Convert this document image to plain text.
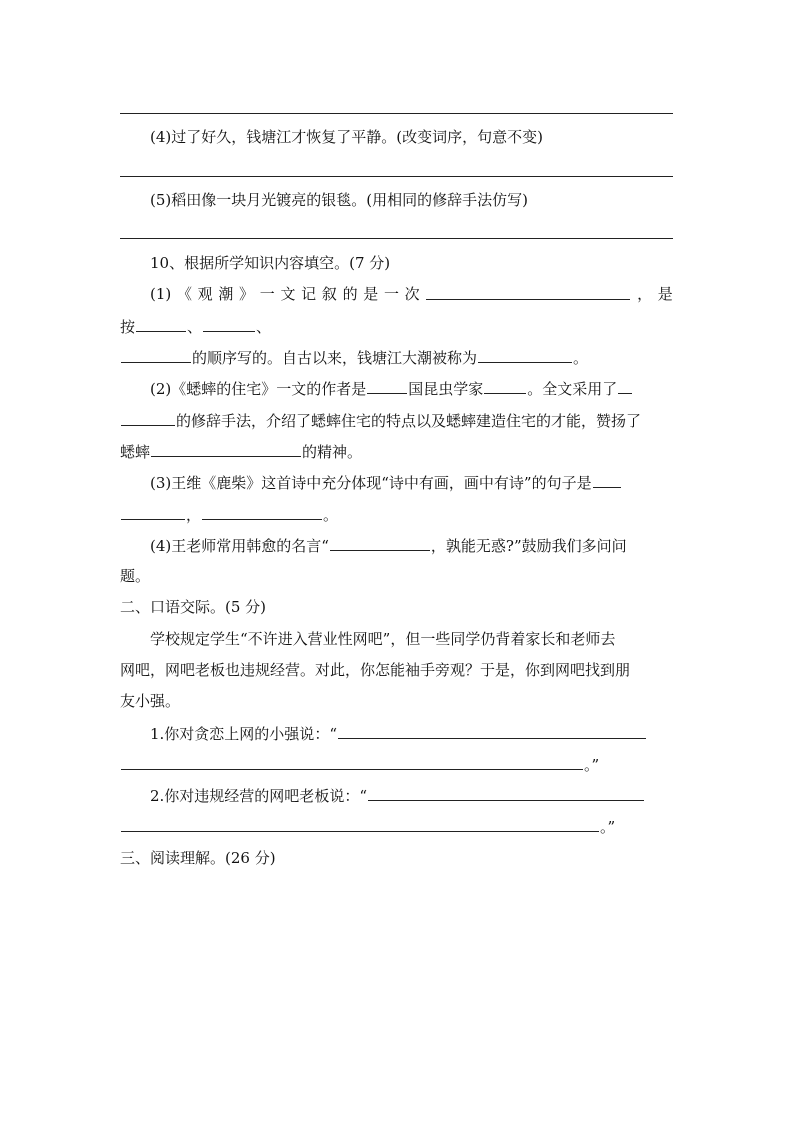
(4)过了好久，钱塘江才恢复了平静。(改变词序，句意不变)
(5)稻田像一块月光镀亮的银毯。(用相同的修辞手法仿写)
10、根据所学知识内容填空。(7 分)
(1) 《 观 潮 》 一 文 记 叙 的 是 一 次	， 是
按	、	、
的顺序写的。自古以来，钱塘江大潮被称为	。
(2)《蟋蟀的住宅》一文的作者是	国昆虫学家	。全文采用了
的修辞手法，介绍了蟋蟀住宅的特点以及蟋蟀建造住宅的才能，赞扬了
蟋蟀	的精神。
(3)王维《鹿柴》这首诗中充分体现“诗中有画，画中有诗”的句子是
，	。
(4)王老师常用韩愈的名言“	，孰能无惑?”鼓励我们多问问
题。
二、口语交际。(5 分)
学校规定学生“不许进入营业性网吧”，但一些同学仍背着家长和老师去
网吧，网吧老板也违规经营。对此，你怎能袖手旁观？于是，你到网吧找到朋
友小强。
1.你对贪恋上网的小强说：“
。”
2.你对违规经营的网吧老板说：“
。”
三、阅读理解。(26 分)
